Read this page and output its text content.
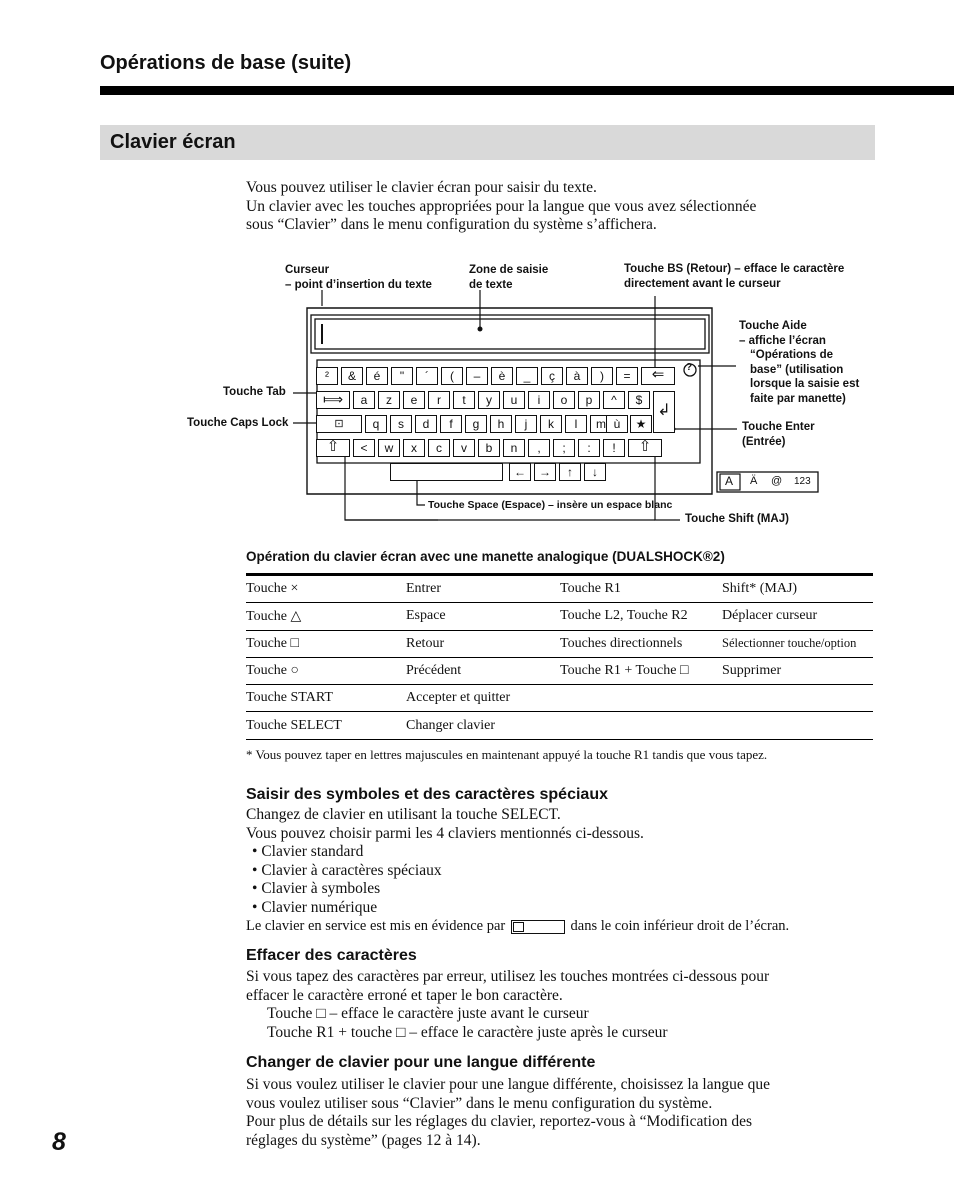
Opérations de base (suite)
Clavier écran
Vous pouvez utiliser le clavier écran pour saisir du texte.
Un clavier avec les touches appropriées pour la langue que vous avez sélectionnée
sous “Clavier” dans le menu configuration du système s’affichera.
Curseur
– point d’insertion du texte
Zone de saisie
de texte
Touche BS (Retour) – efface le caractère
directement avant le curseur
Touche Aide
– affiche l’écran
“Opérations de
base” (utilisation
lorsque la saisie est
faite par manette)
Touche Tab
Touche Caps Lock	Touche Enter
(Entrée)
Touche Space (Espace) – insère un espace blanc
Touche Shift (MAJ)
?
²	&	é	"	´	(	–	è	_	ç	à	)	=	⇐
⟾	a	z	e	r	t	y	u	i	o	p	^	$
↲
⊡	q	s	d	f	g	h	j	k	l	m ù	★
⇧	<	w	x	c	v	b	n	,	;	:	!	⇧
←	→	↑	↓
A Ä @ 123
Opération du clavier écran avec une manette analogique (DUALSHOCK®2)
Touche ×	Entrer	Touche R1	Shift* (MAJ)
Touche △	Espace	Touche L2, Touche R2	Déplacer curseur
Touche □	Retour	Touches directionnels	Sélectionner touche/option
Touche ○	Précédent	Touche R1 + Touche □	Supprimer
Touche START	Accepter et quitter		
Touche SELECT	Changer clavier		
* Vous pouvez taper en lettres majuscules en maintenant appuyé la touche R1 tandis que vous tapez.
Saisir des symboles et des caractères spéciaux
Changez de clavier en utilisant la touche SELECT.
Vous pouvez choisir parmi les 4 claviers mentionnés ci-dessous.
• Clavier standard
• Clavier à caractères spéciaux
• Clavier à symboles
• Clavier numérique
Le clavier en service est mis en évidence par	dans le coin inférieur droit de l’écran.
Effacer des caractères
Si vous tapez des caractères par erreur, utilisez les touches montrées ci-dessous pour
effacer le caractère erroné et taper le bon caractère.
Touche □ – efface le caractère juste avant le curseur
Touche R1 + touche □ – efface le caractère juste après le curseur
Changer de clavier pour une langue différente
Si vous voulez utiliser le clavier pour une langue différente, choisissez la langue que
vous voulez utiliser sous “Clavier” dans le menu configuration du système.
Pour plus de détails sur les réglages du clavier, reportez-vous à “Modification des
réglages du système” (pages 12 à 14).
8
